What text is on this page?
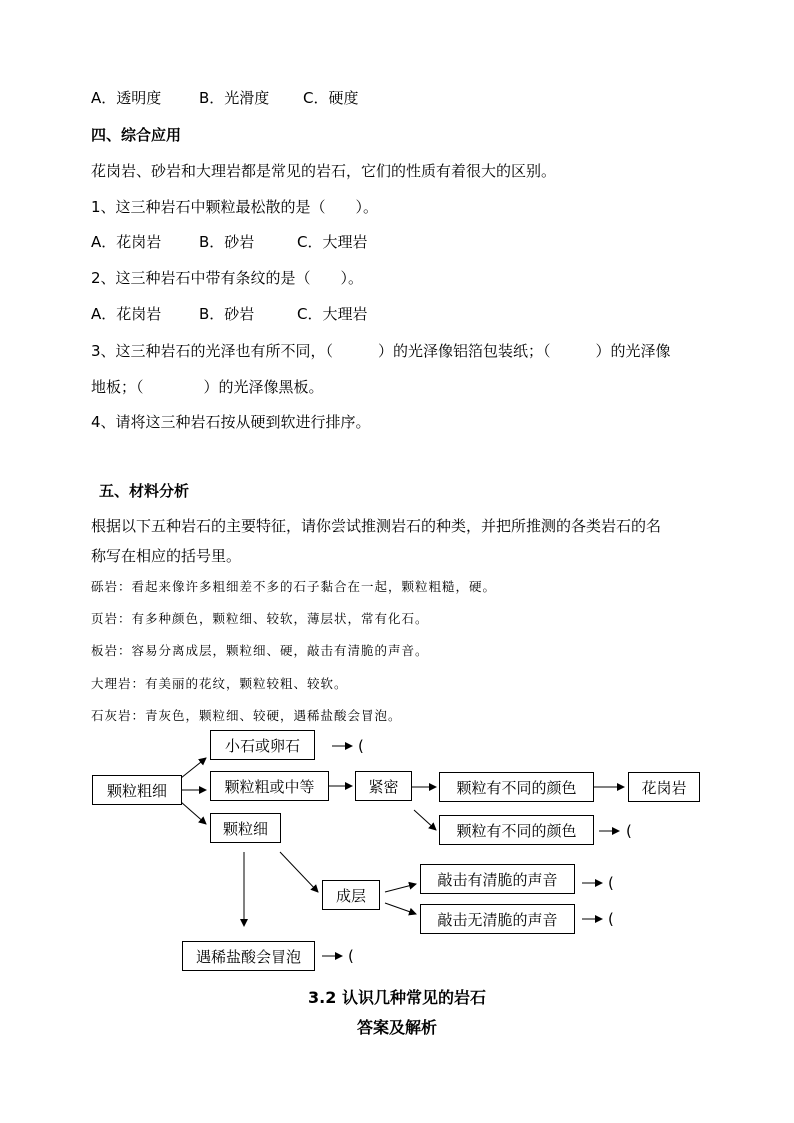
A．透明度	B．光滑度 C．硬度
四、综合应用
花岗岩、砂岩和大理岩都是常见的岩石，它们的性质有着很大的区别。
1、这三种岩石中颗粒最松散的是（　　）。
A．花岗岩	B．砂岩	C．大理岩
2、这三种岩石中带有条纹的是（　　）。
A．花岗岩	B．砂岩	C．大理岩
3、这三种岩石的光泽也有所不同，（　　　）的光泽像铝箔包装纸；（　　　）的光泽像
地板；（　　　　）的光泽像黑板。
4、请将这三种岩石按从硬到软进行排序。
五、材料分析
根据以下五种岩石的主要特征，请你尝试推测岩石的种类，并把所推测的各类岩石的名
称写在相应的括号里。
砾岩：看起来像许多粗细差不多的石子黏合在一起，颗粒粗糙，硬。
页岩：有多种颜色，颗粒细、较软，薄层状，常有化石。
板岩：容易分离成层，颗粒细、硬，敲击有清脆的声音。
大理岩：有美丽的花纹，颗粒较粗、较软。
石灰岩：青灰色，颗粒细、较硬，遇稀盐酸会冒泡。
颗粒粗细
小石或卵石
颗粒粗或中等
颗粒细
紧密	颗粒有不同的颜色	花岗岩
颗粒有不同的颜色
成层
敲击有清脆的声音
敲击无清脆的声音
遇稀盐酸会冒泡
(
(
(
(
(
3.2 认识几种常见的岩石
答案及解析
